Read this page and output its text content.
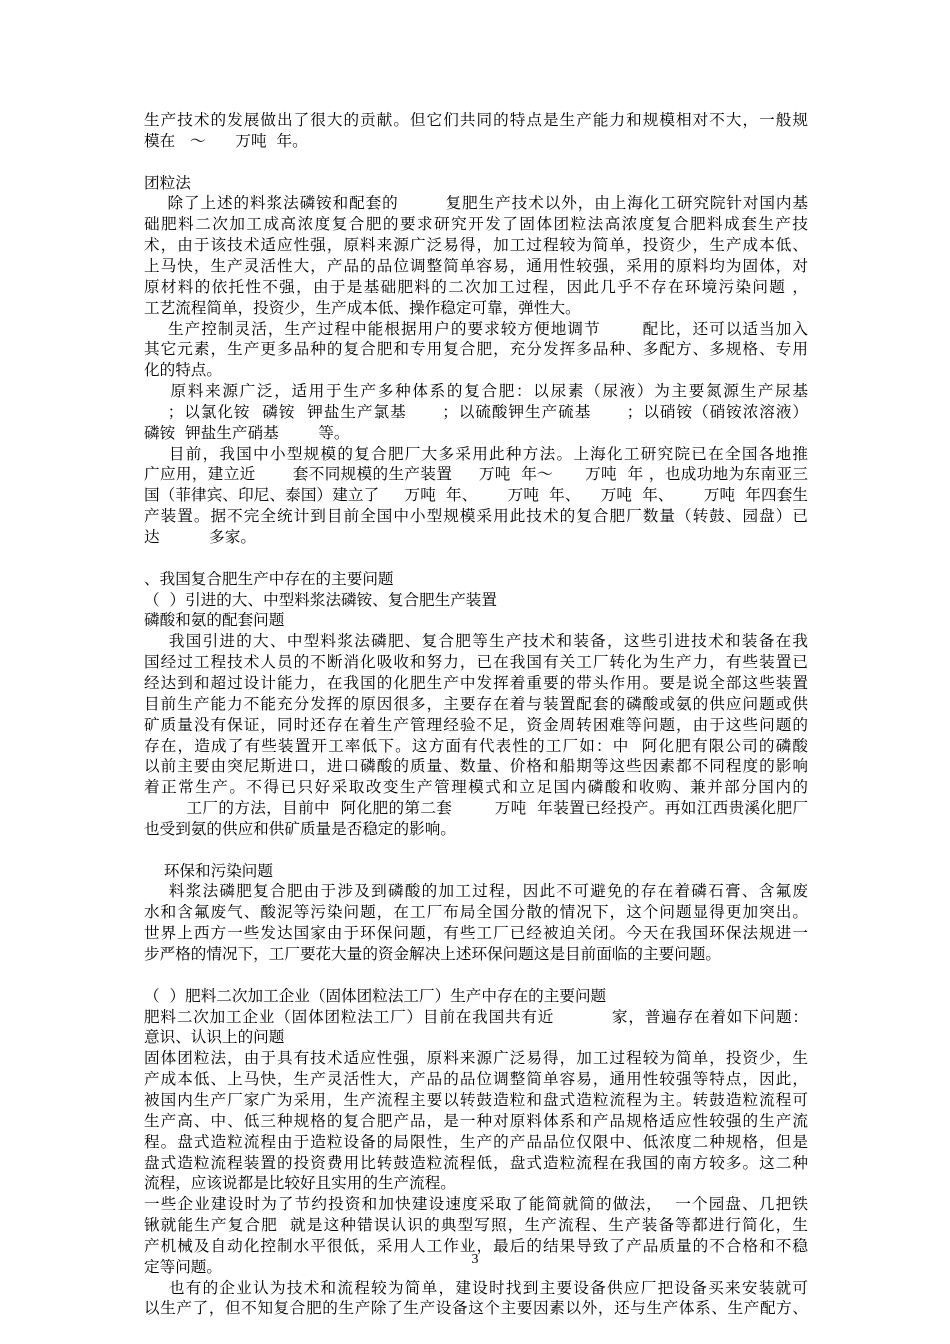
生产技术的发展做出了很大的贡献。但它们共同的特点是生产能力和规模相对不大，一般规
模在   ～      万吨  年。
团粒法
除了上述的料浆法磷铵和配套的        复肥生产技术以外，由上海化工研究院针对国内基
础肥料二次加工成高浓度复合肥的要求研究开发了固体团粒法高浓度复合肥料成套生产技
术，由于该技术适应性强，原料来源广泛易得，加工过程较为简单，投资少，生产成本低、
上马快，生产灵活性大，产品的品位调整简单容易，通用性较强，采用的原料均为固体，对
原材料的依托性不强，由于是基础肥料的二次加工过程，因此几乎不存在环境污染问题 ，
工艺流程简单，投资少，生产成本低、操作稳定可靠，弹性大。
生产控制灵活，生产过程中能根据用户的要求较方便地调节       配比，还可以适当加入
其它元素，生产更多品种的复合肥和专用复合肥，充分发挥多品种、多配方、多规格、专用
化的特点。
原料来源广泛，适用于生产多种体系的复合肥：以尿素（尿液）为主要氮源生产尿基
；以氯化铵  磷铵  钾盐生产氯基      ；以硫酸钾生产硫基      ；以硝铵（硝铵浓溶液）
磷铵  钾盐生产硝基        等。
目前，我国中小型规模的复合肥厂大多采用此种方法。上海化工研究院已在全国各地推
广应用，建立近       套不同规模的生产装置     万吨  年～      万吨  年 ，也成功地为东南亚三
国（菲律宾、印尼、泰国）建立了     万吨  年、      万吨  年、    万吨  年、      万吨  年四套生
产装置。据不完全统计到目前全国中小型规模采用此技术的复合肥厂数量（转鼓、园盘）已
达          多家。
、我国复合肥生产中存在的主要问题
（  ）引进的大、中型料浆法磷铵、复合肥生产装置
磷酸和氨的配套问题
我国引进的大、中型料浆法磷肥、复合肥等生产技术和装备，这些引进技术和装备在我
国经过工程技术人员的不断消化吸收和努力，已在我国有关工厂转化为生产力，有些装置已
经达到和超过设计能力，在我国的化肥生产中发挥着重要的带头作用。要是说全部这些装置
目前生产能力不能充分发挥的原因很多，主要存在着与装置配套的磷酸或氨的供应问题或供
矿质量没有保证，同时还存在着生产管理经验不足，资金周转困难等问题，由于这些问题的
存在，造成了有些装置开工率低下。这方面有代表性的工厂如：中  阿化肥有限公司的磷酸
以前主要由突尼斯进口，进口磷酸的质量、数量、价格和船期等这些因素都不同程度的影响
着正常生产。不得已只好采取改变生产管理模式和立足国内磷酸和收购、兼并部分国内的
工厂的方法，目前中  阿化肥的第二套        万吨  年装置已经投产。再如江西贵溪化肥厂
也受到氨的供应和供矿质量是否稳定的影响。
环保和污染问题
料浆法磷肥复合肥由于涉及到磷酸的加工过程，因此不可避免的存在着磷石膏、含氟废
水和含氟废气、酸泥等污染问题，在工厂布局全国分散的情况下，这个问题显得更加突出。
世界上西方一些发达国家由于环保问题，有些工厂已经被迫关闭。今天在我国环保法规进一
步严格的情况下，工厂要花大量的资金解决上述环保问题这是目前面临的主要问题。
（  ）肥料二次加工企业（固体团粒法工厂）生产中存在的主要问题
肥料二次加工企业（固体团粒法工厂）目前在我国共有近          家，普遍存在着如下问题：
意识、认识上的问题
固体团粒法，由于具有技术适应性强，原料来源广泛易得，加工过程较为简单，投资少，生
产成本低、上马快，生产灵活性大，产品的品位调整简单容易，通用性较强等特点，因此，
被国内生产厂家广为采用，生产流程主要以转鼓造粒和盘式造粒流程为主。转鼓造粒流程可
生产高、中、低三种规格的复合肥产品，是一种对原料体系和产品规格适应性较强的生产流
程。盘式造粒流程由于造粒设备的局限性，生产的产品品位仅限中、低浓度二种规格，但是
盘式造粒流程装置的投资费用比转鼓造粒流程低，盘式造粒流程在我国的南方较多。这二种
流程，应该说都是比较好且实用的生产流程。
一些企业建设时为了节约投资和加快建设速度采取了能简就简的做法，  一个园盘、几把铁
锹就能生产复合肥  就是这种错误认识的典型写照，生产流程、生产装备等都进行简化，生
产机械及自动化控制水平很低，采用人工作业，最后的结果导致了产品质量的不合格和不稳
定等问题。
也有的企业认为技术和流程较为简单，建设时找到主要设备供应厂把设备买来安装就可
以生产了，但不知复合肥的生产除了生产设备这个主要因素以外，还与生产体系、生产配方、
3
